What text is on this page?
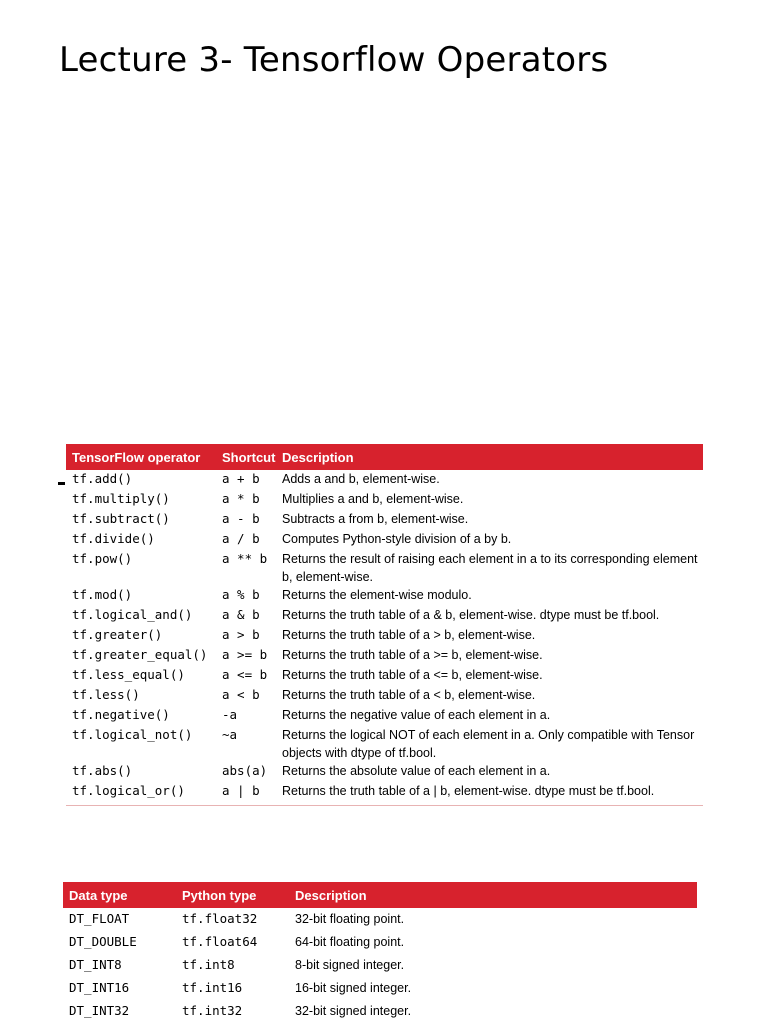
Lecture 3- Tensorflow Operators
TensorFlow operator	Shortcut	Description
tf.add()	a + b	Adds a and b, element-wise.
tf.multiply()	a * b	Multiplies a and b, element-wise.
tf.subtract()	a - b	Subtracts a from b, element-wise.
tf.divide()	a / b	Computes Python-style division of a by b.
tf.pow()	a ** b	Returns the result of raising each element in a to its corresponding element b, element-wise.
tf.mod()	a % b	Returns the element-wise modulo.
tf.logical_and()	a & b	Returns the truth table of a & b, element-wise. dtype must be tf.bool.
tf.greater()	a > b	Returns the truth table of a > b, element-wise.
tf.greater_equal()	a >= b	Returns the truth table of a >= b, element-wise.
tf.less_equal()	a <= b	Returns the truth table of a <= b, element-wise.
tf.less()	a < b	Returns the truth table of a < b, element-wise.
tf.negative()	-a	Returns the negative value of each element in a.
tf.logical_not()	~a	Returns the logical NOT of each element in a. Only compatible with Tensor objects with dtype of tf.bool.
tf.abs()	abs(a)	Returns the absolute value of each element in a.
tf.logical_or()	a | b	Returns the truth table of a | b, element-wise. dtype must be tf.bool.
Data type	Python type	Description
DT_FLOAT	tf.float32	32-bit floating point.
DT_DOUBLE	tf.float64	64-bit floating point.
DT_INT8	tf.int8	8-bit signed integer.
DT_INT16	tf.int16	16-bit signed integer.
DT_INT32	tf.int32	32-bit signed integer.
